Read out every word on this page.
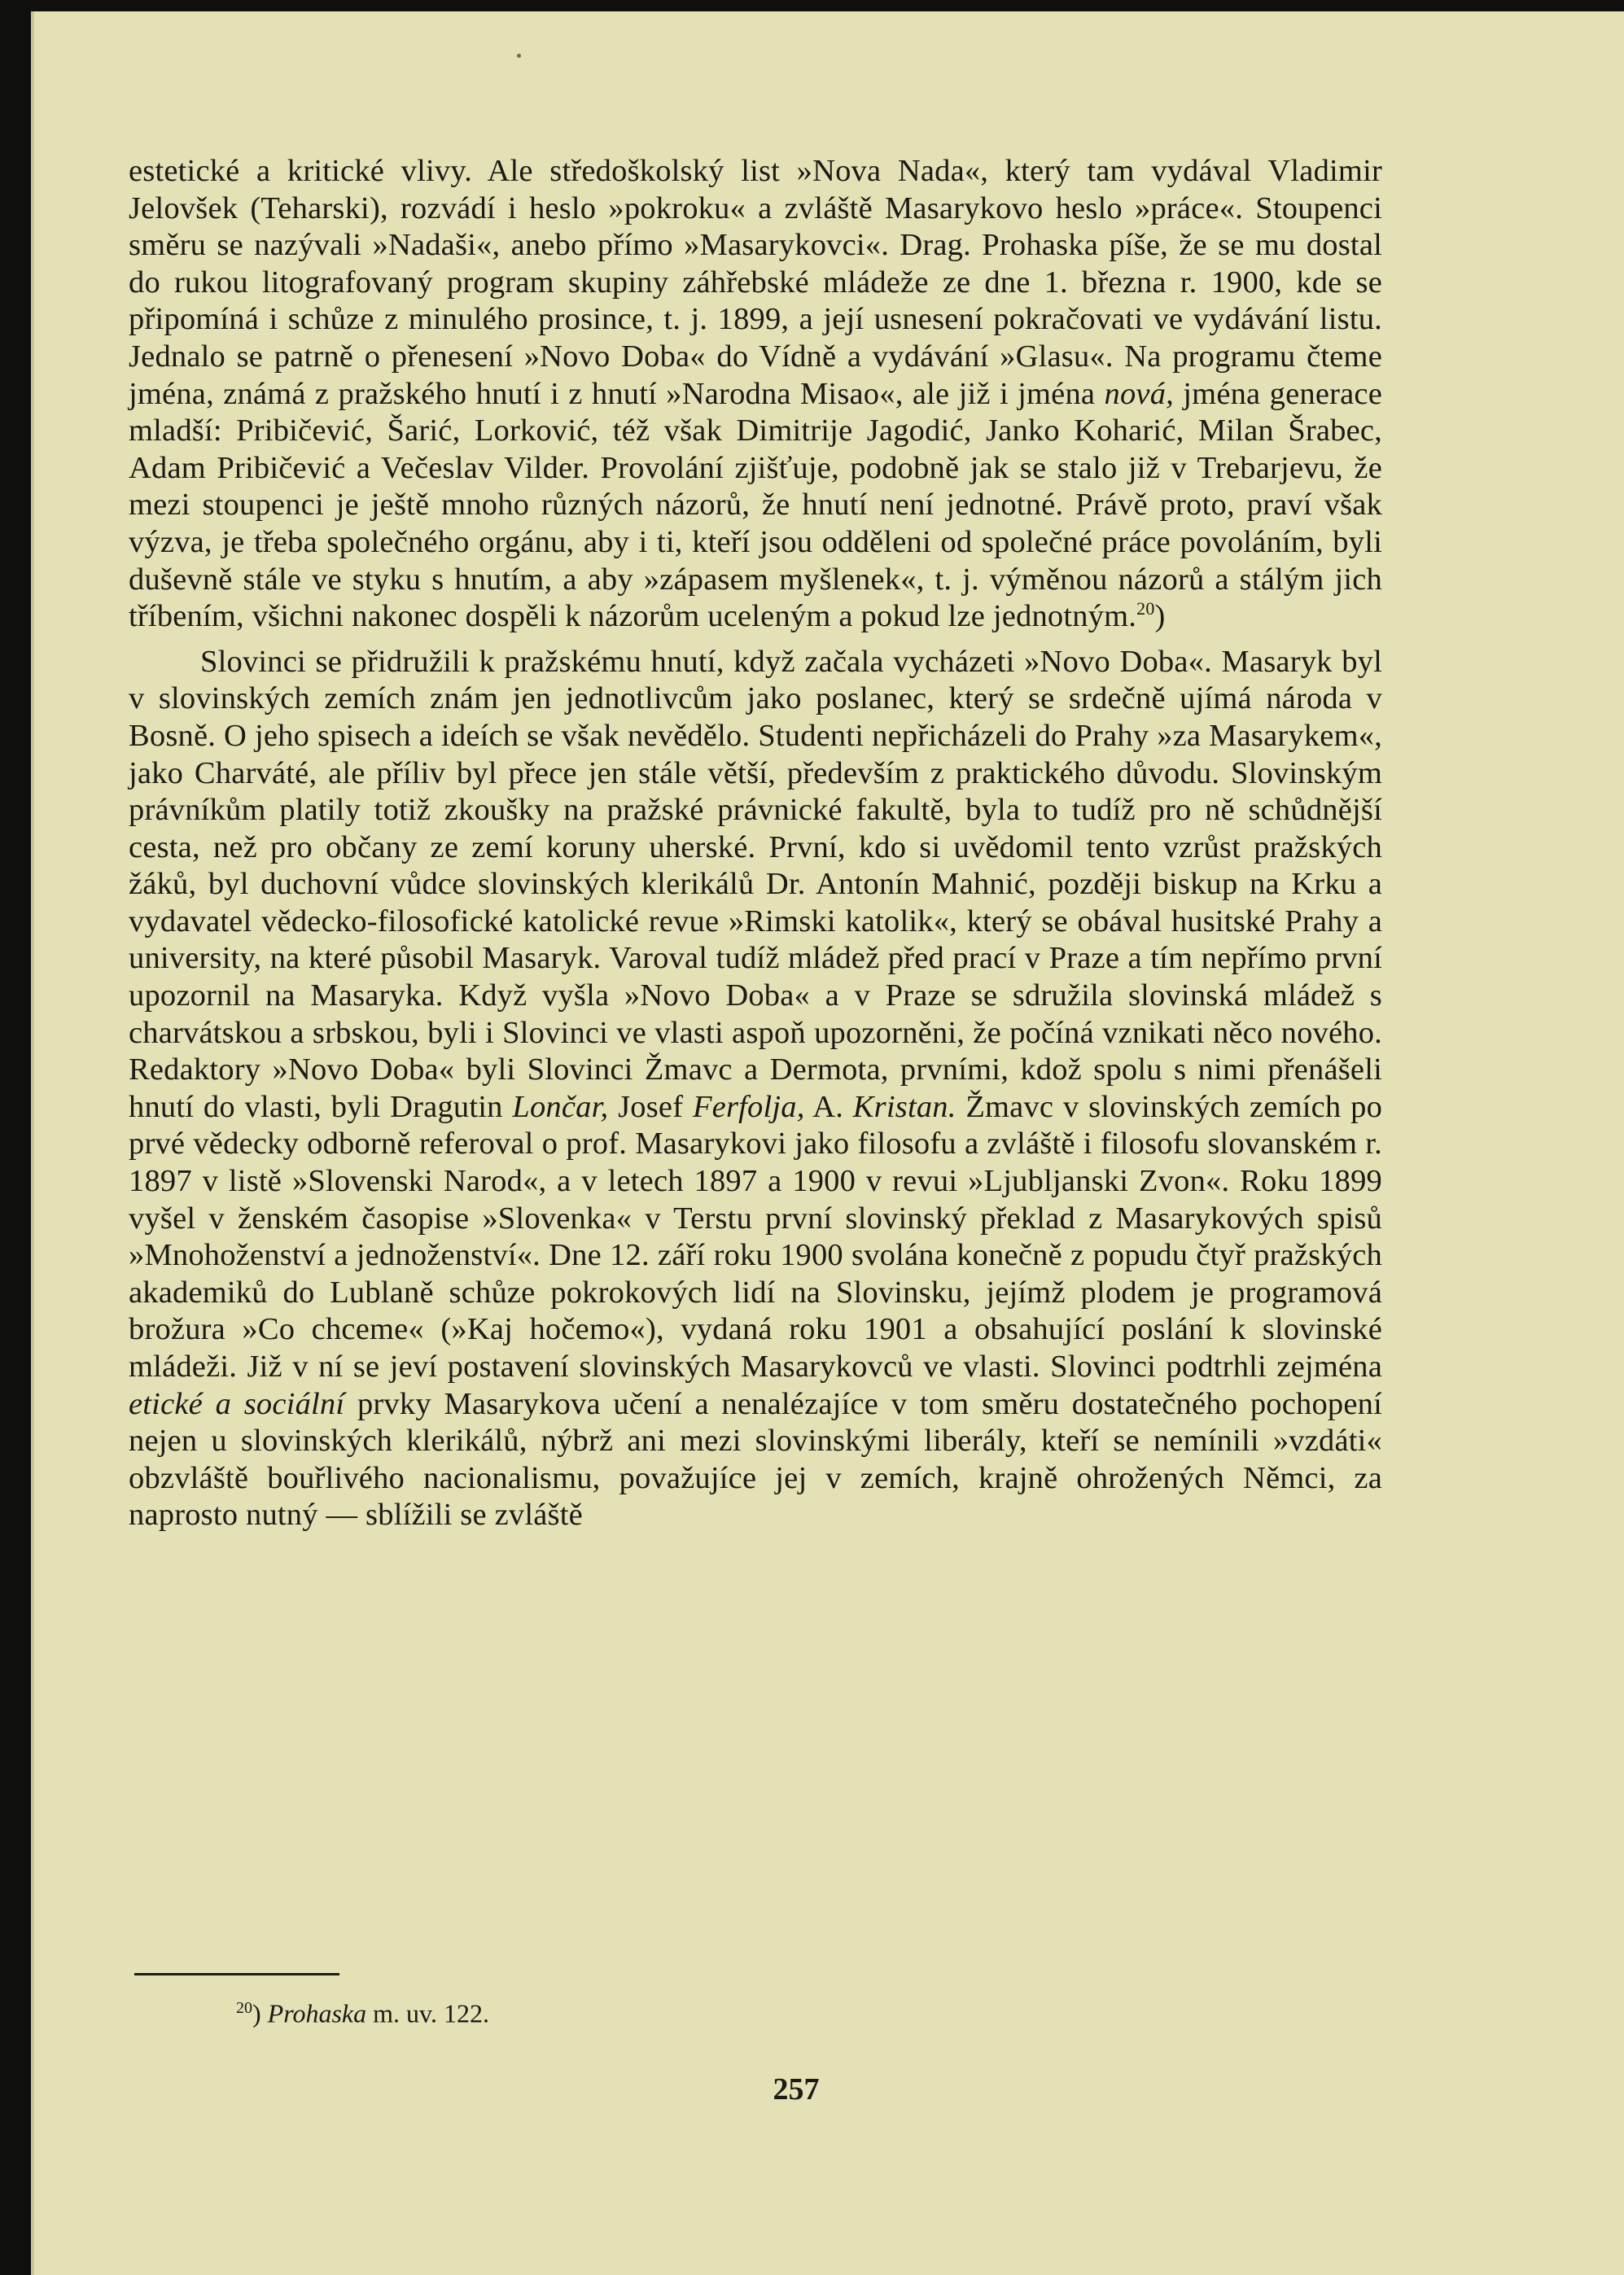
estetické a kritické vlivy. Ale středoškolský list »Nova Nada«, který tam vydával Vladimir Jelovšek (Teharski), rozvádí i heslo »pokroku« a zvláště Masarykovo heslo »práce«. Stoupenci směru se nazývali »Nadaši«, anebo přímo »Masarykovci«. Drag. Prohaska píše, že se mu dostal do rukou litografovaný program skupiny záhřebské mládeže ze dne 1. března r. 1900, kde se připomíná i schůze z minulého prosince, t. j. 1899, a její usnesení pokračovati ve vydávání listu. Jednalo se patrně o přenesení »Novo Doba« do Vídně a vydávání »Glasu«. Na programu čteme jména, známá z pražského hnutí i z hnutí »Narodna Misao«, ale již i jména nová, jména generace mladší: Pribičević, Šarić, Lorković, též však Dimitrije Jagodić, Janko Koharić, Milan Šrabec, Adam Pribičević a Večeslav Vilder. Provolání zjišťuje, podobně jak se stalo již v Trebarjevu, že mezi stoupenci je ještě mnoho různých názorů, že hnutí není jednotné. Právě proto, praví však výzva, je třeba společného orgánu, aby i ti, kteří jsou odděleni od společné práce povoláním, byli duševně stále ve styku s hnutím, a aby »zápasem myšlenek«, t. j. výměnou názorů a stálým jich tříbením, všichni nakonec dospěli k názorům uceleným a pokud lze jednotným.$^{20}$)

Slovinci se přidružili k pražskému hnutí, když začala vycházeti »Novo Doba«. Masaryk byl v slovinských zemích znám jen jednotlivcům jako poslanec, který se srdečně ujímá národa v Bosně. O jeho spisech a ideích se však nevědělo. Studenti nepřicházeli do Prahy »za Masarykem«, jako Charváté, ale příliv byl přece jen stále větší, především z praktického důvodu. Slovinským právníkům platily totiž zkoušky na pražské právnické fakultě, byla to tudíž pro ně schůdnější cesta, než pro občany ze zemí koruny uherské. První, kdo si uvědomil tento vzrůst pražských žáků, byl duchovní vůdce slovinských klerikálů Dr. Antonín Mahnić, později biskup na Krku a vydavatel vědecko-filosofické katolické revue »Rimski katolik«, který se obával husitské Prahy a university, na které působil Masaryk. Varoval tudíž mládež před prací v Praze a tím nepřímo první upozornil na Masaryka. Když vyšla »Novo Doba« a v Praze se sdružila slovinská mládež s charvátskou a srbskou, byli i Slovinci ve vlasti aspoň upozorněni, že počíná vznikati něco nového. Redaktory »Novo Doba« byli Slovinci Žmavc a Dermota, prvními, kdož spolu s nimi přenášeli hnutí do vlasti, byli Dragutin Lončar, Josef Ferfolja, A. Kristan. Žmavc v slovinských zemích po prvé vědecky odborně referoval o prof. Masarykovi jako filosofu a zvláště i filosofu slovanském r. 1897 v listě »Slovenski Narod«, a v letech 1897 a 1900 v revui »Ljubljanski Zvon«. Roku 1899 vyšel v ženském časopise »Slovenka« v Terstu první slovinský překlad z Masarykových spisů »Mnohoženství a jednoženství«. Dne 12. září roku 1900 svolána konečně z popudu čtyř pražských akademiků do Lublaně schůze pokrokových lidí na Slovinsku, jejímž plodem je programová brožura »Co chceme« (»Kaj hočemo«), vydaná roku 1901 a obsahující poslání k slovinské mládeži. Již v ní se jeví postavení slovinských Masarykovců ve vlasti. Slovinci podtrhli zejména etické a sociální prvky Masarykova učení a nenalézajíce v tom směru dostatečného pochopení nejen u slovinských klerikálů, nýbrž ani mezi slovinskými liberály, kteří se nemínili »vzdáti« obzvláště bouřlivého nacionalismu, považujíce jej v zemích, krajně ohrožených Němci, za naprosto nutný — sblížili se zvláště

$^{20}$) Prohaska m. uv. 122.
257
